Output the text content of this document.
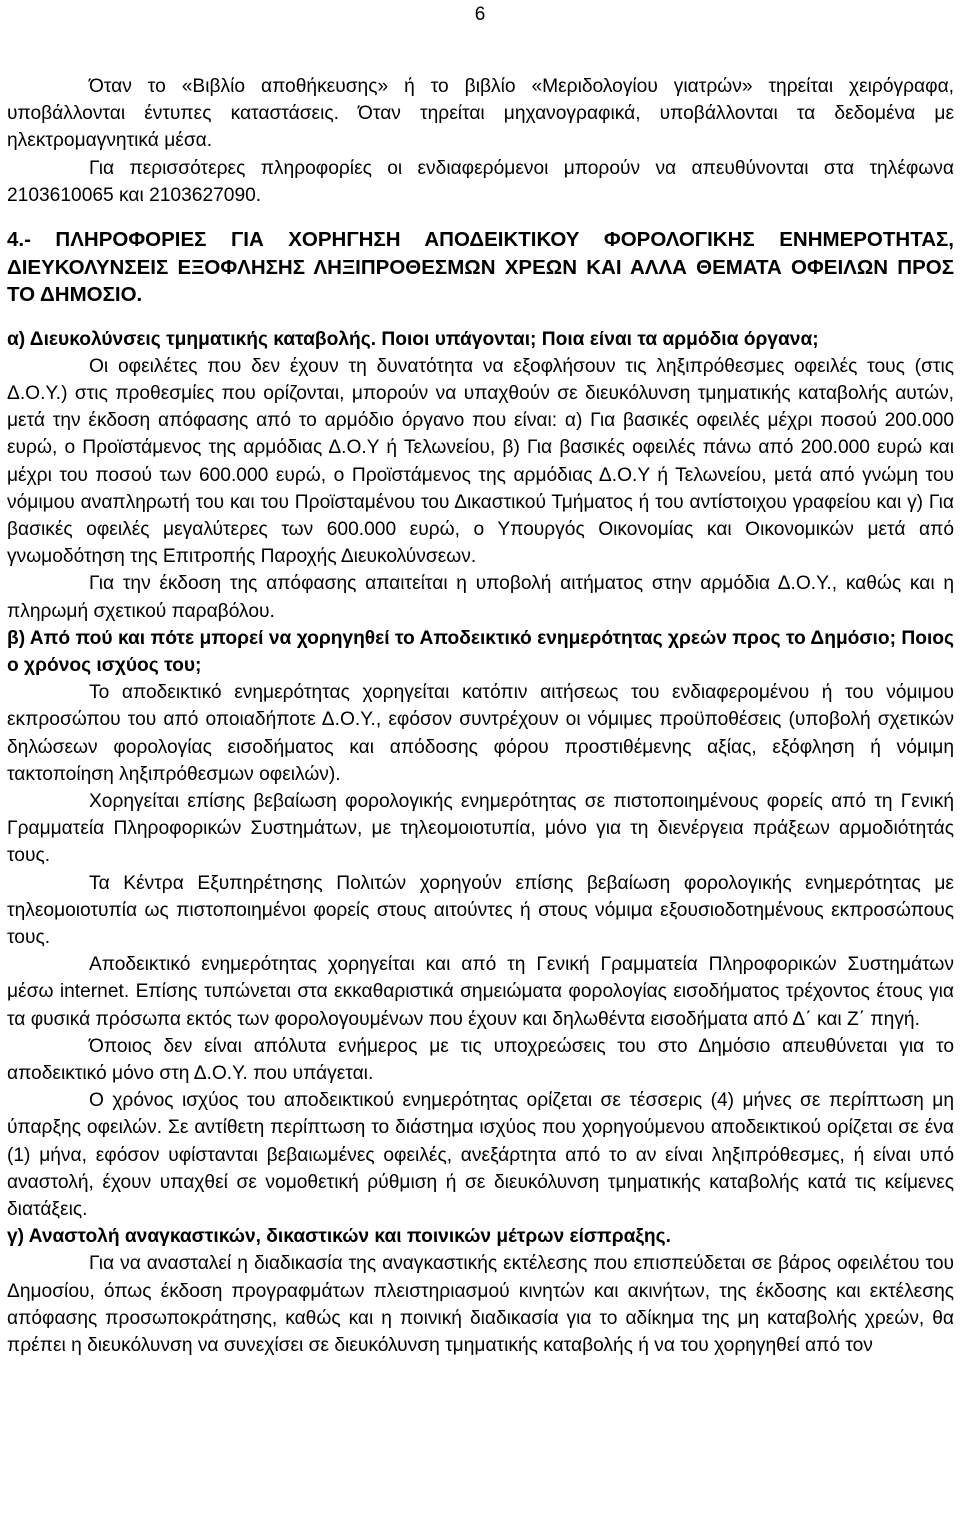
6

Όταν το «Βιβλίο αποθήκευσης» ή το βιβλίο «Μεριδολογίου γιατρών» τηρείται χειρόγραφα, υποβάλλονται έντυπες καταστάσεις. Όταν τηρείται μηχανογραφικά, υποβάλλονται τα δεδομένα με ηλεκτρομαγνητικά μέσα.

Για περισσότερες πληροφορίες οι ενδιαφερόμενοι μπορούν να απευθύνονται στα τηλέφωνα 2103610065 και 2103627090.

4.- ΠΛΗΡΟΦΟΡΙΕΣ ΓΙΑ ΧΟΡΗΓΗΣΗ ΑΠΟΔΕΙΚΤΙΚΟΥ ΦΟΡΟΛΟΓΙΚΗΣ ΕΝΗΜΕΡΟΤΗΤΑΣ, ΔΙΕΥΚΟΛΥΝΣΕΙΣ ΕΞΟΦΛΗΣΗΣ ΛΗΞΙΠΡΟΘΕΣΜΩΝ ΧΡΕΩΝ ΚΑΙ ΑΛΛΑ ΘΕΜΑΤΑ ΟΦΕΙΛΩΝ ΠΡΟΣ ΤΟ ΔΗΜΟΣΙΟ.

α) Διευκολύνσεις τμηματικής καταβολής. Ποιοι υπάγονται; Ποια είναι τα αρμόδια όργανα;

Οι οφειλέτες που δεν έχουν τη δυνατότητα να εξοφλήσουν τις ληξιπρόθεσμες οφειλές τους (στις Δ.Ο.Υ.) στις προθεσμίες που ορίζονται, μπορούν να υπαχθούν σε διευκόλυνση τμηματικής καταβολής αυτών, μετά την έκδοση απόφασης από το αρμόδιο όργανο που είναι: α) Για βασικές οφειλές μέχρι ποσού 200.000 ευρώ, ο Προϊστάμενος της αρμόδιας Δ.Ο.Υ ή Τελωνείου, β) Για βασικές οφειλές πάνω από 200.000 ευρώ και μέχρι του ποσού των 600.000 ευρώ, ο Προϊστάμενος της αρμόδιας Δ.Ο.Υ ή Τελωνείου, μετά από γνώμη του νόμιμου αναπληρωτή του και του Προϊσταμένου του Δικαστικού Τμήματος ή του αντίστοιχου γραφείου και γ) Για βασικές οφειλές μεγαλύτερες των 600.000 ευρώ, ο Υπουργός Οικονομίας και Οικονομικών μετά από γνωμοδότηση της Επιτροπής Παροχής Διευκολύνσεων.

Για την έκδοση της απόφασης απαιτείται η υποβολή αιτήματος στην αρμόδια Δ.Ο.Υ., καθώς και η πληρωμή σχετικού παραβόλου.

β) Από πού και πότε μπορεί να χορηγηθεί το Αποδεικτικό ενημερότητας χρεών προς το Δημόσιο; Ποιος ο χρόνος ισχύος του;

Το αποδεικτικό ενημερότητας χορηγείται κατόπιν αιτήσεως του ενδιαφερομένου ή του νόμιμου εκπροσώπου του από οποιαδήποτε Δ.Ο.Υ., εφόσον συντρέχουν οι νόμιμες προϋποθέσεις (υποβολή σχετικών δηλώσεων φορολογίας εισοδήματος και απόδοσης φόρου προστιθέμενης αξίας, εξόφληση ή νόμιμη τακτοποίηση ληξιπρόθεσμων οφειλών).

Χορηγείται επίσης βεβαίωση φορολογικής ενημερότητας σε πιστοποιημένους φορείς από τη Γενική Γραμματεία Πληροφορικών Συστημάτων, με τηλεομοιοτυπία, μόνο για τη διενέργεια πράξεων αρμοδιότητάς τους.

Τα Κέντρα Εξυπηρέτησης Πολιτών χορηγούν επίσης βεβαίωση φορολογικής ενημερότητας με τηλεομοιοτυπία ως πιστοποιημένοι φορείς στους αιτούντες ή στους νόμιμα εξουσιοδοτημένους εκπροσώπους τους.

Αποδεικτικό ενημερότητας χορηγείται και από τη Γενική Γραμματεία Πληροφορικών Συστημάτων μέσω internet. Επίσης τυπώνεται στα εκκαθαριστικά σημειώματα φορολογίας εισοδήματος τρέχοντος έτους για τα φυσικά πρόσωπα εκτός των φορολογουμένων που έχουν και δηλωθέντα εισοδήματα από Δ΄ και Ζ΄ πηγή.

Όποιος δεν είναι απόλυτα ενήμερος με τις υποχρεώσεις του στο Δημόσιο απευθύνεται για το αποδεικτικό μόνο στη Δ.Ο.Υ. που υπάγεται.

Ο χρόνος ισχύος του αποδεικτικού ενημερότητας ορίζεται σε τέσσερις (4) μήνες σε περίπτωση μη ύπαρξης οφειλών. Σε αντίθετη περίπτωση το διάστημα ισχύος που χορηγούμενου αποδεικτικού ορίζεται σε ένα (1) μήνα, εφόσον υφίστανται βεβαιωμένες οφειλές, ανεξάρτητα από το αν είναι ληξιπρόθεσμες, ή είναι υπό αναστολή, έχουν υπαχθεί σε νομοθετική ρύθμιση ή σε διευκόλυνση τμηματικής καταβολής κατά τις κείμενες διατάξεις.

γ) Αναστολή αναγκαστικών, δικαστικών και ποινικών μέτρων είσπραξης.

Για να ανασταλεί η διαδικασία της αναγκαστικής εκτέλεσης που επισπεύδεται σε βάρος οφειλέτου του Δημοσίου, όπως έκδοση προγραφμάτων πλειστηριασμού κινητών και ακινήτων, της έκδοσης και εκτέλεσης απόφασης προσωποκράτησης, καθώς και η ποινική διαδικασία για το αδίκημα της μη καταβολής χρεών, θα πρέπει η διευκόλυνση να συνεχίσει σε διευκόλυνση τμηματικής καταβολής ή να του χορηγηθεί από τον
